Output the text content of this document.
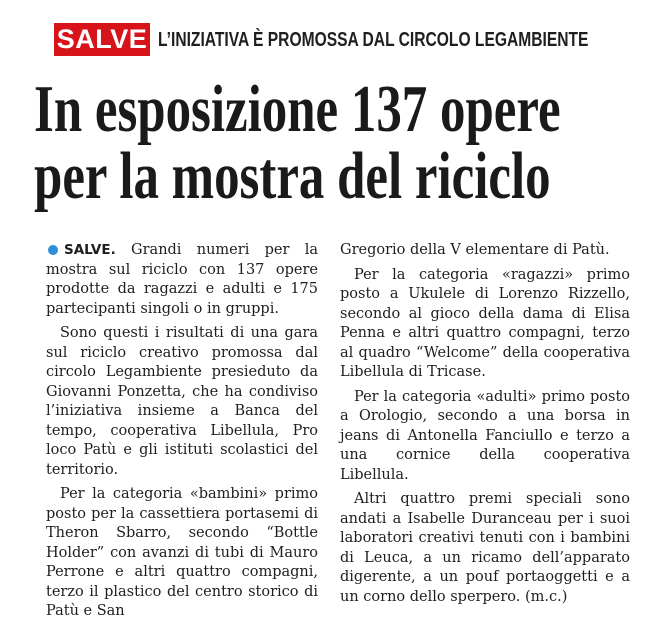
SALVE L’INIZIATIVA È PROMOSSA DAL CIRCOLO LEGAMBIENTE
In esposizione 137 opere
per la mostra del riciclo

SALVE. Grandi numeri per la mostra sul riciclo con 137 opere prodotte da ragazzi e adulti e 175 partecipanti singoli o in gruppi.

Sono questi i risultati di una gara sul riciclo creativo promossa dal circolo Legambiente presieduto da Giovanni Ponzetta, che ha condiviso l’iniziativa insieme a Banca del tempo, cooperativa Libellula, Pro loco Patù e gli istituti scolastici del territorio.

Per la categoria «bambini» primo posto per la cassettiera portasemi di Theron Sbarro, secondo “Bottle Holder” con avanzi di tubi di Mauro Perrone e altri quattro compagni, terzo il plastico del centro storico di Patù e San

Gregorio della V elementare di Patù.

Per la categoria «ragazzi» primo posto a Ukulele di Lorenzo Rizzello, secondo al gioco della dama di Elisa Penna e altri quattro compagni, terzo al quadro “Welcome” della cooperativa Libellula di Tricase.

Per la categoria «adulti» primo posto a Orologio, secondo a una borsa in jeans di Antonella Fanciullo e terzo a una cornice della cooperativa Libellula.

Altri quattro premi speciali sono andati a Isabelle Duranceau per i suoi laboratori creativi tenuti con i bambini di Leuca, a un ricamo dell’apparato digerente, a un pouf portaoggetti e a un corno dello sperpero. (m.c.)
